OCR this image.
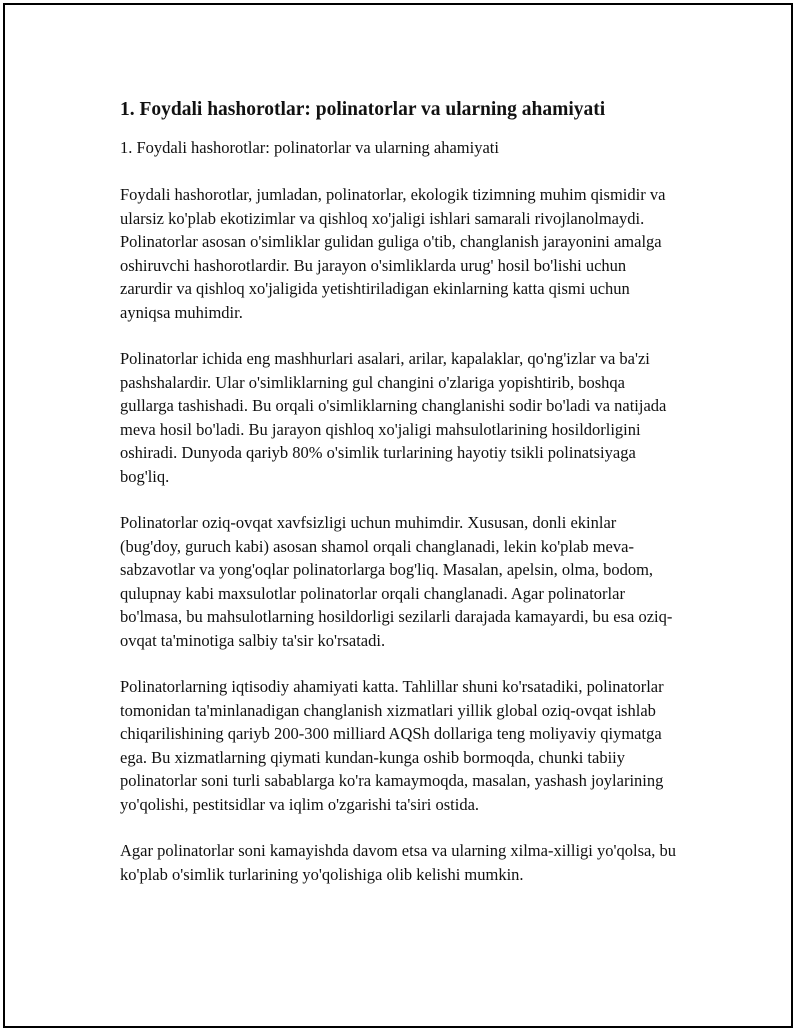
1. Foydali hashorotlar: polinatorlar va ularning ahamiyati

1. Foydali hashorotlar: polinatorlar va ularning ahamiyati

Foydali hashorotlar, jumladan, polinatorlar, ekologik tizimning muhim qismidir va ularsiz ko'plab ekotizimlar va qishloq xo'jaligi ishlari samarali rivojlanolmaydi. Polinatorlar asosan o'simliklar gulidan guliga o'tib, changlanish jarayonini amalga oshiruvchi hashorotlardir. Bu jarayon o'simliklarda urug' hosil bo'lishi uchun zarurdir va qishloq xo'jaligida yetishtiriladigan ekinlarning katta qismi uchun ayniqsa muhimdir.

Polinatorlar ichida eng mashhurlari asalari, arilar, kapalaklar, qo'ng'izlar va ba'zi pashshalardir. Ular o'simliklarning gul changini o'zlariga yopishtirib, boshqa gullarga tashishadi. Bu orqali o'simliklarning changlanishi sodir bo'ladi va natijada meva hosil bo'ladi. Bu jarayon qishloq xo'jaligi mahsulotlarining hosildorligini oshiradi. Dunyoda qariyb 80% o'simlik turlarining hayotiy tsikli polinatsiyaga bog'liq.

Polinatorlar oziq-ovqat xavfsizligi uchun muhimdir. Xususan, donli ekinlar (bug'doy, guruch kabi) asosan shamol orqali changlanadi, lekin ko'plab meva-sabzavotlar va yong'oqlar polinatorlarga bog'liq. Masalan, apelsin, olma, bodom, qulupnay kabi maxsulotlar polinatorlar orqali changlanadi. Agar polinatorlar bo'lmasa, bu mahsulotlarning hosildorligi sezilarli darajada kamayardi, bu esa oziq-ovqat ta'minotiga salbiy ta'sir ko'rsatadi.

Polinatorlarning iqtisodiy ahamiyati katta. Tahlillar shuni ko'rsatadiki, polinatorlar tomonidan ta'minlanadigan changlanish xizmatlari yillik global oziq-ovqat ishlab chiqarilishining qariyb 200-300 milliard AQSh dollariga teng moliyaviy qiymatga ega. Bu xizmatlarning qiymati kundan-kunga oshib bormoqda, chunki tabiiy polinatorlar soni turli sabablarga ko'ra kamaymoqda, masalan, yashash joylarining yo'qolishi, pestitsidlar va iqlim o'zgarishi ta'siri ostida.

Agar polinatorlar soni kamayishda davom etsa va ularning xilma-xilligi yo'qolsa, bu ko'plab o'simlik turlarining yo'qolishiga olib kelishi mumkin.
